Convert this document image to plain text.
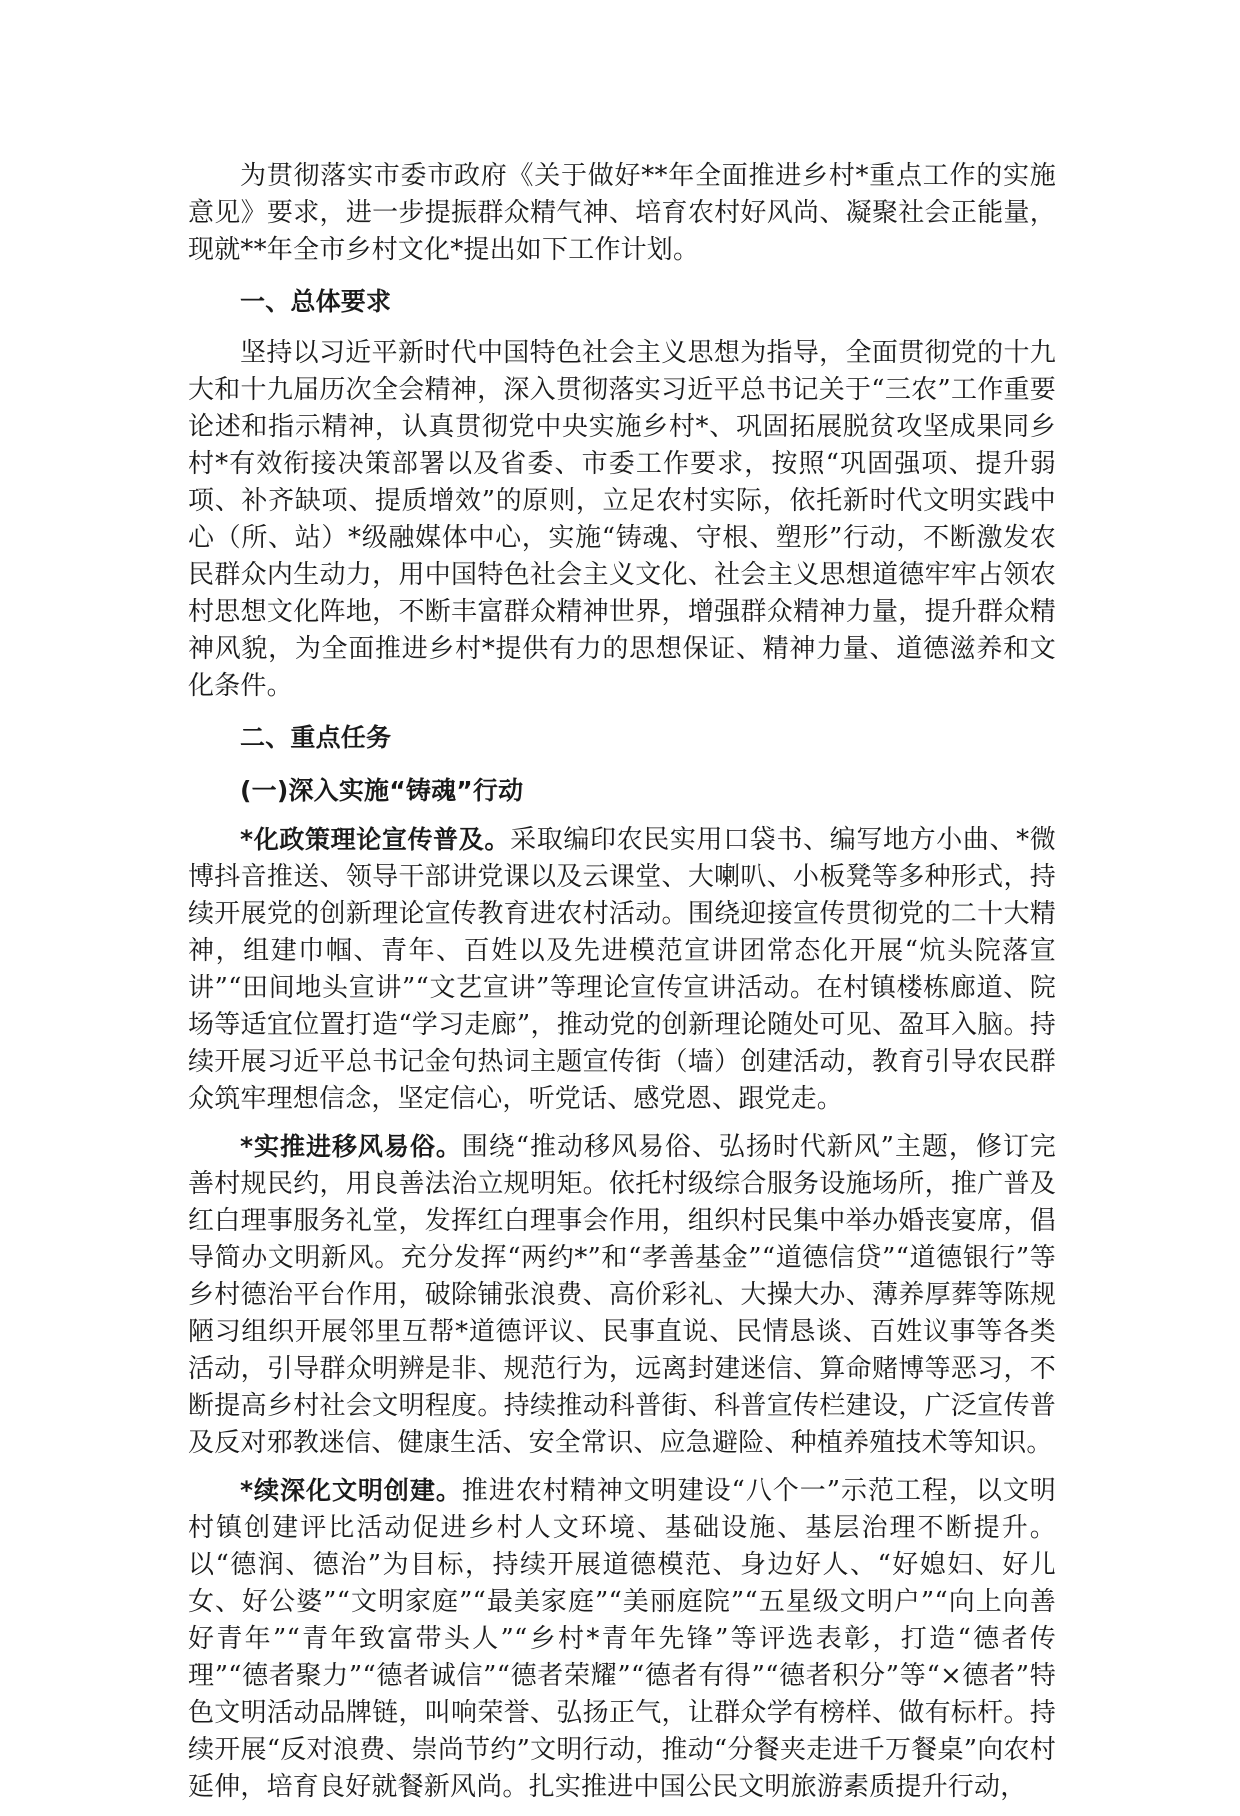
为贯彻落实市委市政府《关于做好**年全面推进乡村*重点工作的实施意见》要求，进一步提振群众精气神、培育农村好风尚、凝聚社会正能量，现就**年全市乡村文化*提出如下工作计划。

一、总体要求

坚持以习近平新时代中国特色社会主义思想为指导，全面贯彻党的十九大和十九届历次全会精神，深入贯彻落实习近平总书记关于“三农”工作重要论述和指示精神，认真贯彻党中央实施乡村*、巩固拓展脱贫攻坚成果同乡村*有效衔接决策部署以及省委、市委工作要求，按照“巩固强项、提升弱项、补齐缺项、提质增效”的原则，立足农村实际，依托新时代文明实践中心（所、站）*级融媒体中心，实施“铸魂、守根、塑形”行动，不断激发农民群众内生动力，用中国特色社会主义文化、社会主义思想道德牢牢占领农村思想文化阵地，不断丰富群众精神世界，增强群众精神力量，提升群众精神风貌，为全面推进乡村*提供有力的思想保证、精神力量、道德滋养和文化条件。

二、重点任务
(一)深入实施“铸魂”行动

*化政策理论宣传普及。采取编印农民实用口袋书、编写地方小曲、*微博抖音推送、领导干部讲党课以及云课堂、大喇叭、小板凳等多种形式，持续开展党的创新理论宣传教育进农村活动。围绕迎接宣传贯彻党的二十大精神，组建巾帼、青年、百姓以及先进模范宣讲团常态化开展“炕头院落宣讲”“田间地头宣讲”“文艺宣讲”等理论宣传宣讲活动。在村镇楼栋廊道、院场等适宜位置打造“学习走廊”，推动党的创新理论随处可见、盈耳入脑。持续开展习近平总书记金句热词主题宣传街（墙）创建活动，教育引导农民群众筑牢理想信念，坚定信心，听党话、感党恩、跟党走。

*实推进移风易俗。围绕“推动移风易俗、弘扬时代新风”主题，修订完善村规民约，用良善法治立规明矩。依托村级综合服务设施场所，推广普及红白理事服务礼堂，发挥红白理事会作用，组织村民集中举办婚丧宴席，倡导简办文明新风。充分发挥“两约*”和“孝善基金”“道德信贷”“道德银行”等乡村德治平台作用，破除铺张浪费、高价彩礼、大操大办、薄养厚葬等陈规陋习组织开展邻里互帮*道德评议、民事直说、民情恳谈、百姓议事等各类活动，引导群众明辨是非、规范行为，远离封建迷信、算命赌博等恶习，不断提高乡村社会文明程度。持续推动科普街、科普宣传栏建设，广泛宣传普及反对邪教迷信、健康生活、安全常识、应急避险、种植养殖技术等知识。

*续深化文明创建。推进农村精神文明建设“八个一”示范工程，以文明村镇创建评比活动促进乡村人文环境、基础设施、基层治理不断提升。以“德润、德治”为目标，持续开展道德模范、身边好人、“好媳妇、好儿女、好公婆”“文明家庭”“最美家庭”“美丽庭院”“五星级文明户”“向上向善好青年”“青年致富带头人”“乡村*青年先锋”等评选表彰，打造“德者传理”“德者聚力”“德者诚信”“德者荣耀”“德者有得”“德者积分”等“×德者”特色文明活动品牌链，叫响荣誉、弘扬正气，让群众学有榜样、做有标杆。持续开展“反对浪费、崇尚节约”文明行动，推动“分餐夹走进千万餐桌”向农村延伸，培育良好就餐新风尚。扎实推进中国公民文明旅游素质提升行动，
